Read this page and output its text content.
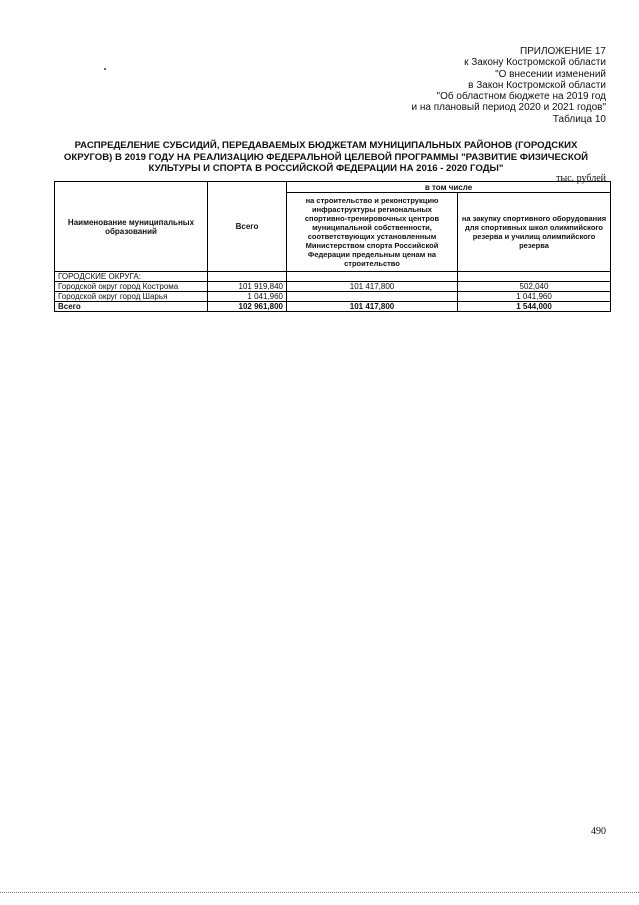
ПРИЛОЖЕНИЕ 17
к Закону Костромской области
"О внесении изменений
в Закон Костромской области
"Об областном бюджете на 2019 год
и на плановый период 2020 и 2021 годов"
Таблица 10
РАСПРЕДЕЛЕНИЕ СУБСИДИЙ, ПЕРЕДАВАЕМЫХ БЮДЖЕТАМ МУНИЦИПАЛЬНЫХ РАЙОНОВ (ГОРОДСКИХ
ОКРУГОВ) В 2019 ГОДУ НА РЕАЛИЗАЦИЮ ФЕДЕРАЛЬНОЙ ЦЕЛЕВОЙ ПРОГРАММЫ "РАЗВИТИЕ ФИЗИЧЕСКОЙ
КУЛЬТУРЫ И СПОРТА В РОССИЙСКОЙ ФЕДЕРАЦИИ НА 2016 - 2020 ГОДЫ"
тыс. рублей
Наименование муниципальных образований	Всего	в том числе	
		на строительство и реконструкцию инфраструктуры региональных спортивно-тренировочных центров муниципальной собственности, соответствующих установленным Министерством спорта Российской Федерации предельным ценам на строительство	на закупку спортивного оборудования для спортивных школ олимпийского резерва и училищ олимпийского резерва
ГОРОДСКИЕ ОКРУГА:			
Городской округ город Кострома	101 919,840	101 417,800	502,040
Городской округ город Шарья	1 041,960		1 041,960
Всего	102 961,800	101 417,800	1 544,000
490
